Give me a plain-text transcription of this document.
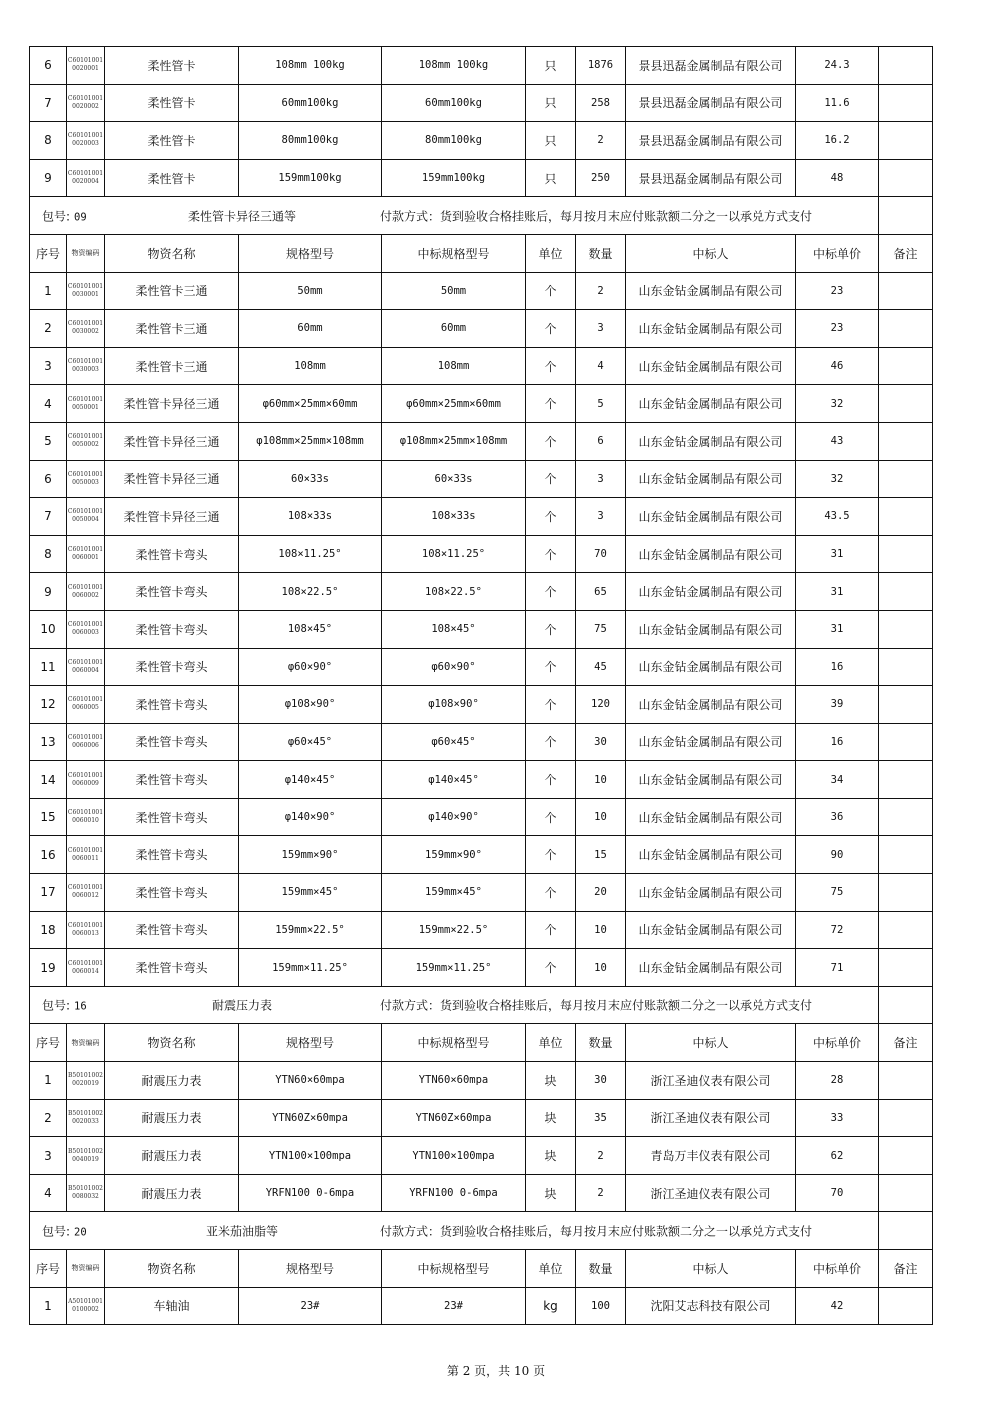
6	C60101001 0020001	柔性管卡	108mm 100kg	108mm 100kg	只	1876	景县迅磊金属制品有限公司	24.3	
7	C60101001 0020002	柔性管卡	60mm100kg	60mm100kg	只	258	景县迅磊金属制品有限公司	11.6	
8	C60101001 0020003	柔性管卡	80mm100kg	80mm100kg	只	2	景县迅磊金属制品有限公司	16.2	
9	C60101001 0020004	柔性管卡	159mm100kg	159mm100kg	只	250	景县迅磊金属制品有限公司	48	

包号: 09 柔性管卡异径三通等 付款方式：货到验收合格挂账后，每月按月末应付账款额二分之一以承兑方式支付									

序号	物资编码	物资名称	规格型号	中标规格型号	单位	数量	中标人	中标单价	备注
1	C60101001 0030001	柔性管卡三通	50mm	50mm	个	2	山东金钻金属制品有限公司	23	
2	C60101001 0030002	柔性管卡三通	60mm	60mm	个	3	山东金钻金属制品有限公司	23	
3	C60101001 0030003	柔性管卡三通	108mm	108mm	个	4	山东金钻金属制品有限公司	46	
4	C60101001 0050001	柔性管卡异径三通	φ60mm×25mm×60mm	φ60mm×25mm×60mm	个	5	山东金钻金属制品有限公司	32	
5	C60101001 0050002	柔性管卡异径三通	φ108mm×25mm×108mm	φ108mm×25mm×108mm	个	6	山东金钻金属制品有限公司	43	
6	C60101001 0050003	柔性管卡异径三通	60×33s	60×33s	个	3	山东金钻金属制品有限公司	32	
7	C60101001 0050004	柔性管卡异径三通	108×33s	108×33s	个	3	山东金钻金属制品有限公司	43.5	
8	C60101001 0060001	柔性管卡弯头	108×11.25°	108×11.25°	个	70	山东金钻金属制品有限公司	31	
9	C60101001 0060002	柔性管卡弯头	108×22.5°	108×22.5°	个	65	山东金钻金属制品有限公司	31	
10	C60101001 0060003	柔性管卡弯头	108×45°	108×45°	个	75	山东金钻金属制品有限公司	31	
11	C60101001 0060004	柔性管卡弯头	φ60×90°	φ60×90°	个	45	山东金钻金属制品有限公司	16	
12	C60101001 0060005	柔性管卡弯头	φ108×90°	φ108×90°	个	120	山东金钻金属制品有限公司	39	
13	C60101001 0060006	柔性管卡弯头	φ60×45°	φ60×45°	个	30	山东金钻金属制品有限公司	16	
14	C60101001 0060009	柔性管卡弯头	φ140×45°	φ140×45°	个	10	山东金钻金属制品有限公司	34	
15	C60101001 0060010	柔性管卡弯头	φ140×90°	φ140×90°	个	10	山东金钻金属制品有限公司	36	
16	C60101001 0060011	柔性管卡弯头	159mm×90°	159mm×90°	个	15	山东金钻金属制品有限公司	90	
17	C60101001 0060012	柔性管卡弯头	159mm×45°	159mm×45°	个	20	山东金钻金属制品有限公司	75	
18	C60101001 0060013	柔性管卡弯头	159mm×22.5°	159mm×22.5°	个	10	山东金钻金属制品有限公司	72	
19	C60101001 0060014	柔性管卡弯头	159mm×11.25°	159mm×11.25°	个	10	山东金钻金属制品有限公司	71	

包号: 16 耐震压力表 付款方式：货到验收合格挂账后，每月按月末应付账款额二分之一以承兑方式支付									

序号	物资编码	物资名称	规格型号	中标规格型号	单位	数量	中标人	中标单价	备注
1	B50101002 0020019	耐震压力表	YTN60×60mpa	YTN60×60mpa	块	30	浙江圣迪仪表有限公司	28	
2	B50101002 0020033	耐震压力表	YTN60Z×60mpa	YTN60Z×60mpa	块	35	浙江圣迪仪表有限公司	33	
3	B50101002 0040019	耐震压力表	YTN100×100mpa	YTN100×100mpa	块	2	青岛万丰仪表有限公司	62	
4	B50101002 0080032	耐震压力表	YRFN100 0-6mpa	YRFN100 0-6mpa	块	2	浙江圣迪仪表有限公司	70	

包号: 20 亚米茄油脂等 付款方式：货到验收合格挂账后，每月按月末应付账款额二分之一以承兑方式支付									

序号	物资编码	物资名称	规格型号	中标规格型号	单位	数量	中标人	中标单价	备注
1	A50101001 0100002	车轴油	23#	23#	kg	100	沈阳艾志科技有限公司	42	
第 2 页，共 10 页
